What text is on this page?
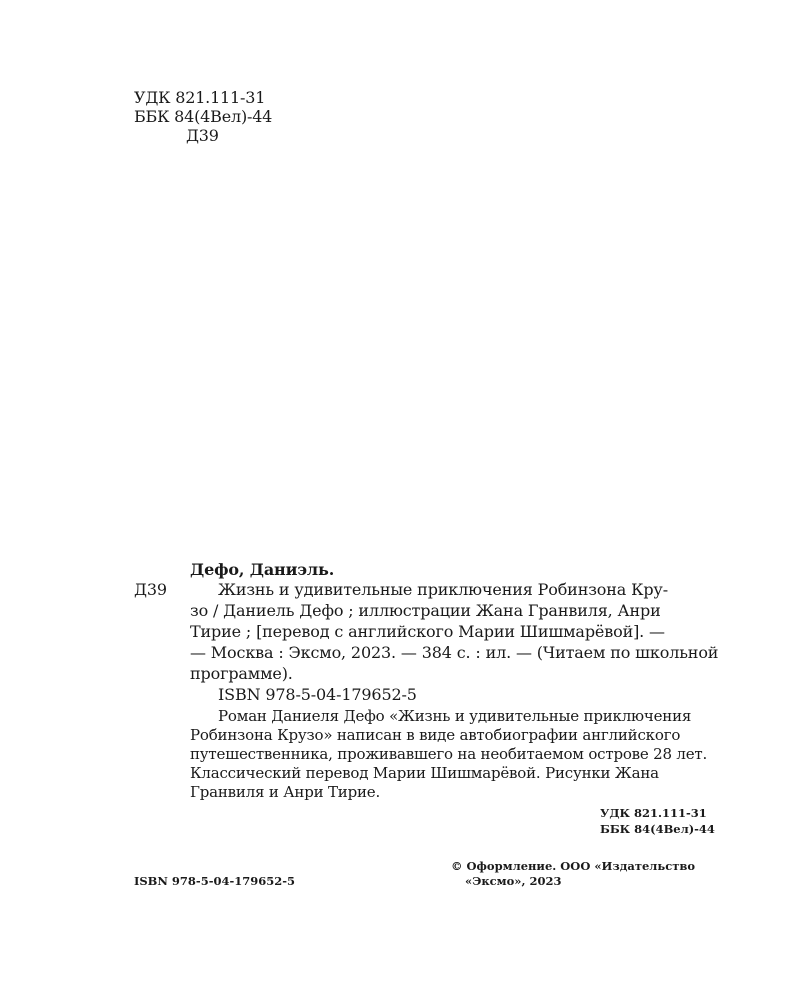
УДК 821.111-31
ББК 84(4Вел)-44
Д39
Дефо, Даниэль.
Д39	Жизнь и удивительные приключения Робинзона Кру-
зо / Даниель Дефо ; иллюстрации Жана Гранвиля, Анри
Тирие ; [перевод с английского Марии Шишмарёвой]. —
— Москва : Эксмо, 2023. — 384 с. : ил. — (Читаем по школьной
программе).
ISBN 978-5-04-179652-5
Роман Даниеля Дефо «Жизнь и удивительные приключения
Робинзона Крузо» написан в виде автобиографии английского
путешественника, проживавшего на необитаемом острове 28 лет.
Классический перевод Марии Шишмарёвой. Рисунки Жана
Гранвиля и Анри Тирие.
УДК 821.111-31
ББК 84(4Вел)-44
ISBN 978-5-04-179652-5
© Оформление. ООО «Издательство
«Эксмо», 2023
